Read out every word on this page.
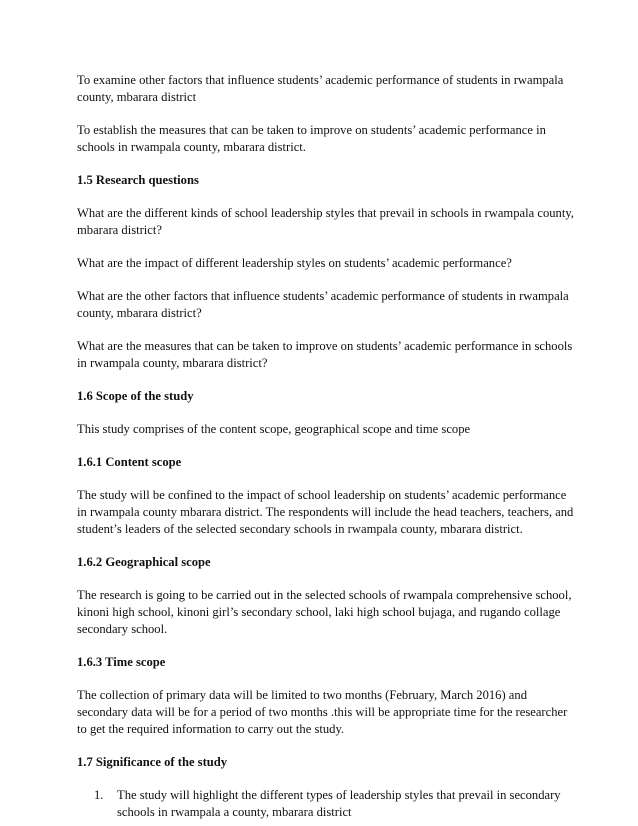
To examine other factors that influence students’ academic performance of students in rwampala county, mbarara district

To establish the measures that can be taken to improve on students’ academic performance in schools in rwampala county, mbarara district.

1.5 Research questions

What are the different kinds of school leadership styles that prevail in schools in rwampala county, mbarara district?

What are the impact of different leadership styles on students’ academic performance?

What are the other factors that influence students’ academic performance of students in rwampala county, mbarara district?

What are the measures that can be taken to improve on students’ academic performance in schools in rwampala county, mbarara district?

1.6 Scope of the study

This study comprises of the content scope, geographical scope and time scope

1.6.1 Content scope

The study will be confined to the impact of school leadership on students’ academic performance in rwampala county mbarara district. The respondents will include the head teachers, teachers, and student’s leaders of the selected secondary schools in rwampala county, mbarara district.

1.6.2 Geographical scope

The research is going to be carried out in the selected schools of rwampala comprehensive school, kinoni high school, kinoni girl’s secondary school, laki high school bujaga, and rugando collage secondary school.

1.6.3 Time scope

The collection of primary data will be limited to two months (February, March 2016) and secondary data will be for a period of two months .this will be appropriate time for the researcher to get the required information to carry out the study.

1.7 Significance of the study

1.	The study will highlight the different types of leadership styles that prevail in secondary schools in rwampala a county, mbarara district
